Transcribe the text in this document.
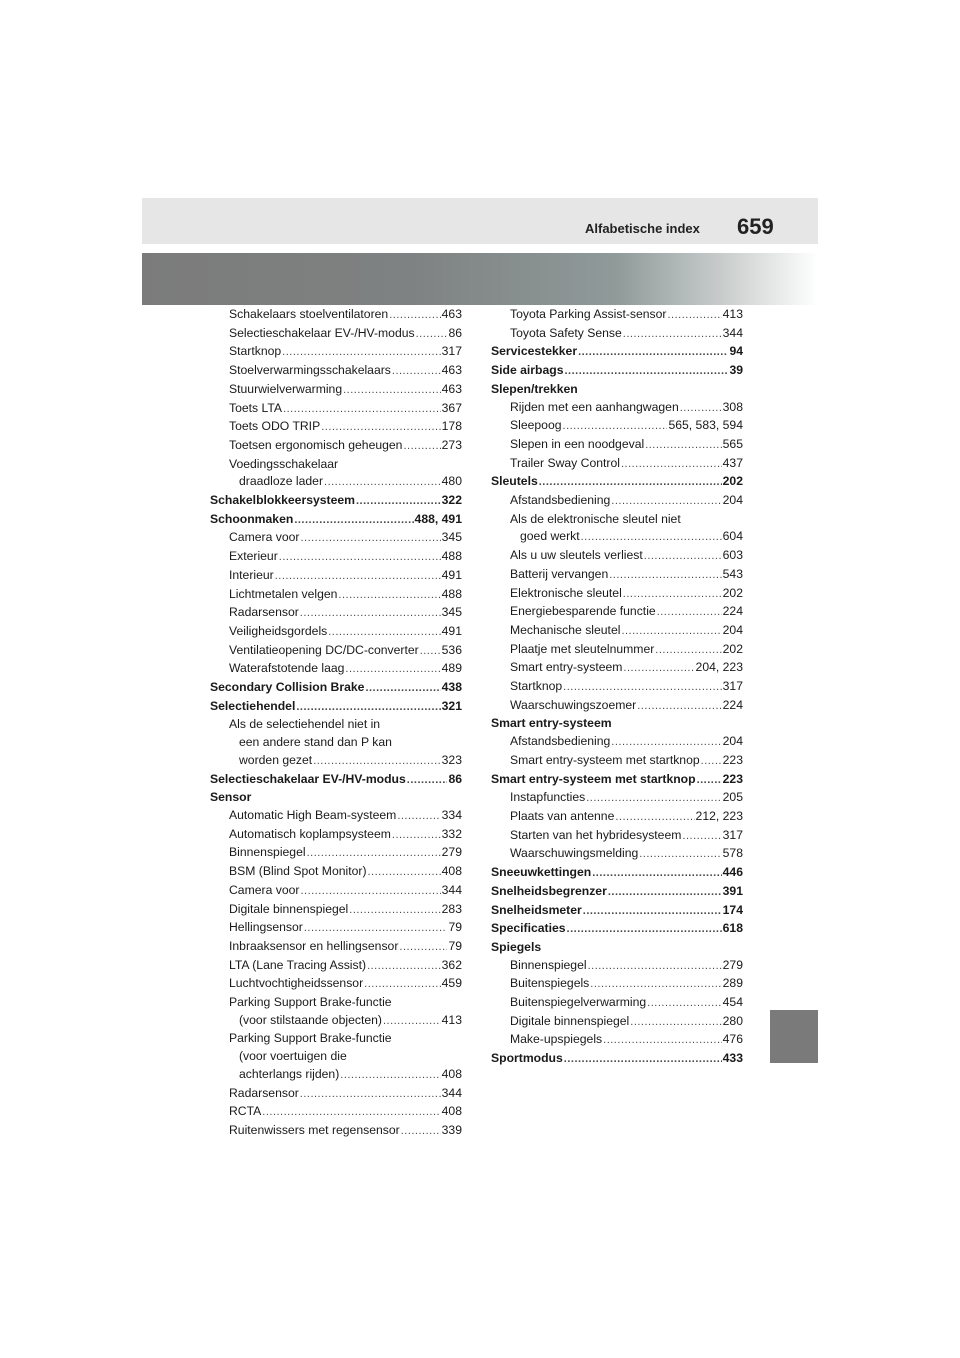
Alfabetische index 659
Schakelaars stoelventilatoren .....	463
Selectieschakelaar EV-/HV-modus .....	86
Startknop .....	317
Stoelverwarmingsschakelaars .....	463
Stuurwielverwarming .....	463
Toets LTA .....	367
Toets ODO TRIP .....	178
Toetsen ergonomisch geheugen .....	273
Voedingsschakelaar
draadloze lader .....	480
Schakelblokkeersysteem .....	322
Schoonmaken .....	488, 491
Camera voor .....	345
Exterieur .....	488
Interieur .....	491
Lichtmetalen velgen .....	488
Radarsensor .....	345
Veiligheidsgordels .....	491
Ventilatieopening DC/DC-converter ..... 536
Waterafstotende laag .....	489
Secondary Collision Brake .....	438
Selectiehendel .....	321
Als de selectiehendel niet in
een andere stand dan P kan
worden gezet .....	323
Selectieschakelaar EV-/HV-modus .....	86
Sensor
Automatic High Beam-systeem .....	334
Automatisch koplampsysteem .....	332
Binnenspiegel .....	279
BSM (Blind Spot Monitor) .....	408
Camera voor .....	344
Digitale binnenspiegel .....	283
Hellingsensor .....	79
Inbraaksensor en hellingsensor .....	79
LTA (Lane Tracing Assist) .....	362
Luchtvochtigheidssensor .....	459
Parking Support Brake-functie
(voor stilstaande objecten) .....	413
Parking Support Brake-functie
(voor voertuigen die
achterlangs rijden) .....	408
Radarsensor .....	344
RCTA .....	408
Ruitenwissers met regensensor .....	339
Toyota Parking Assist-sensor .....	413
Toyota Safety Sense .....	344
Servicestekker .....	94
Side airbags .....	39
Slepen/trekken
Rijden met een aanhangwagen .....	308
Sleepoog .....	565, 583, 594
Slepen in een noodgeval .....	565
Trailer Sway Control .....	437
Sleutels .....	202
Afstandsbediening .....	204
Als de elektronische sleutel niet
goed werkt .....	604
Als u uw sleutels verliest .....	603
Batterij vervangen .....	543
Elektronische sleutel .....	202
Energiebesparende functie .....	224
Mechanische sleutel .....	204
Plaatje met sleutelnummer .....	202
Smart entry-systeem .....	204, 223
Startknop .....	317
Waarschuwingszoemer .....	224
Smart entry-systeem
Afstandsbediening .....	204
Smart entry-systeem met startknop ..... 223
Smart entry-systeem met startknop ..... 223
Instapfuncties .....	205
Plaats van antenne .....	212, 223
Starten van het hybridesysteem .....	317
Waarschuwingsmelding .....	578
Sneeuwkettingen .....	446
Snelheidsbegrenzer .....	391
Snelheidsmeter .....	174
Specificaties .....	618
Spiegels
Binnenspiegel .....	279
Buitenspiegels .....	289
Buitenspiegelverwarming .....	454
Digitale binnenspiegel .....	280
Make-upspiegels .....	476
Sportmodus .....	433
